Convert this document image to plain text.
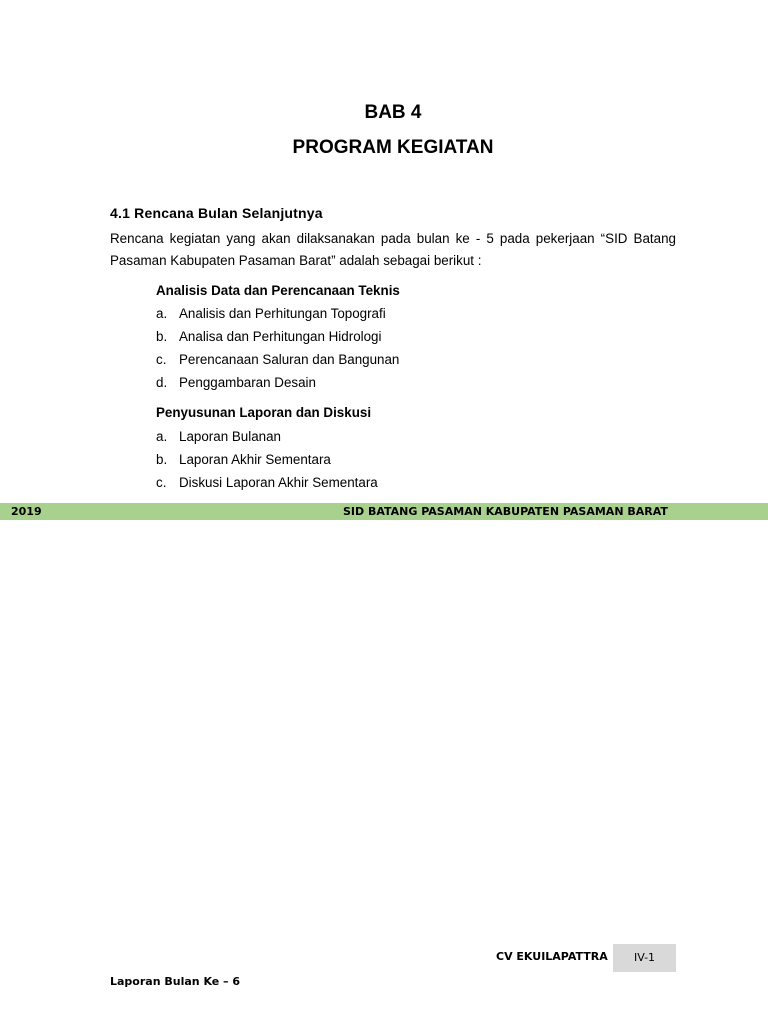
BAB 4
PROGRAM KEGIATAN
4.1 Rencana Bulan Selanjutnya

Rencana kegiatan yang akan dilaksanakan pada bulan ke - 5 pada pekerjaan “SID Batang Pasaman Kabupaten Pasaman Barat” adalah sebagai berikut :

Analisis Data dan Perencanaan Teknis
a. Analisis dan Perhitungan Topografi
b. Analisa dan Perhitungan Hidrologi
c. Perencanaan Saluran dan Bangunan
d. Penggambaran Desain
Penyusunan Laporan dan Diskusi
a. Laporan Bulanan
b. Laporan Akhir Sementara
c. Diskusi Laporan Akhir Sementara
2019	SID BATANG PASAMAN KABUPATEN PASAMAN BARAT
CV EKUILAPATTRA	IV-1
Laporan Bulan Ke – 6
